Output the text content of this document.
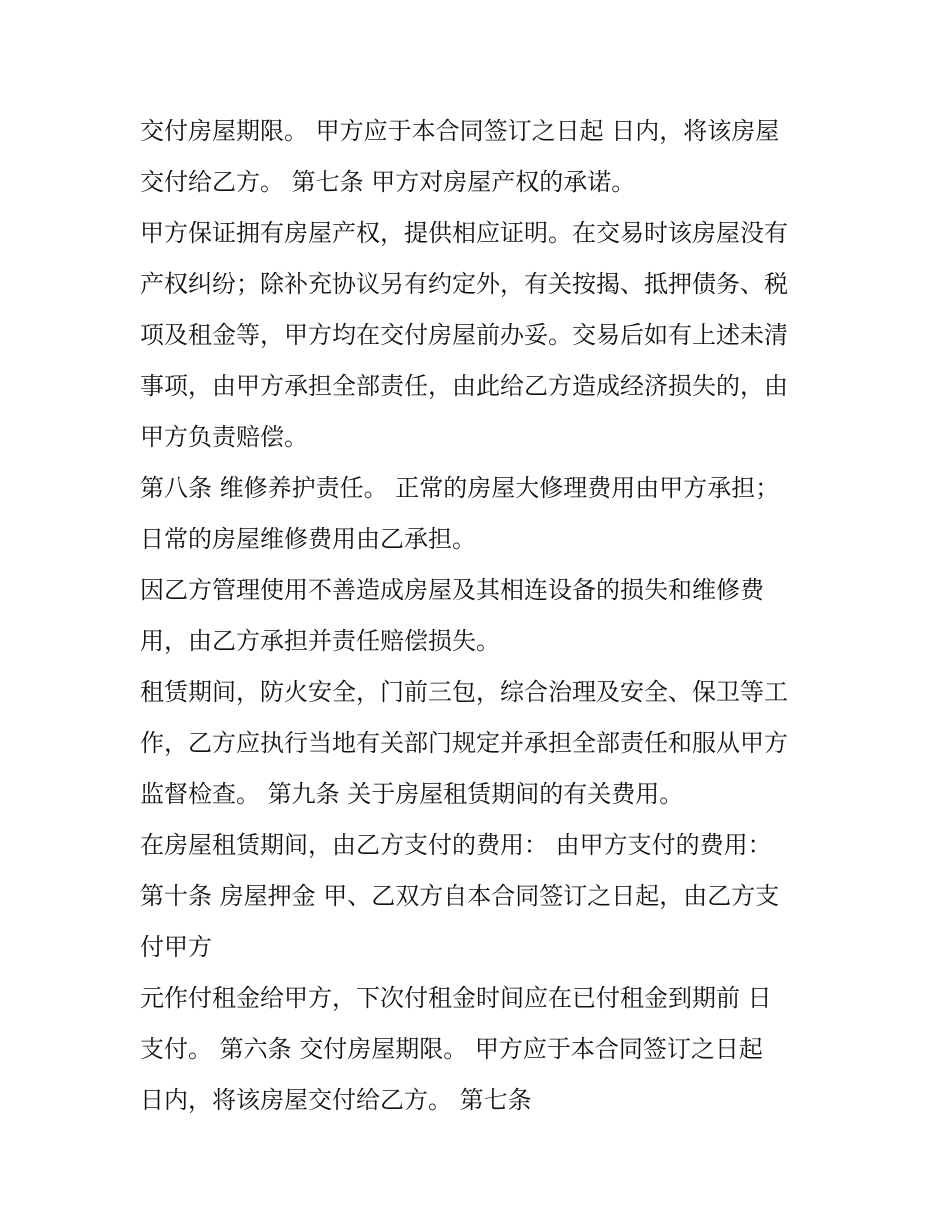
交付房屋期限。 甲方应于本合同签订之日起 日内，将该房屋
交付给乙方。 第七条 甲方对房屋产权的承诺。
甲方保证拥有房屋产权，提供相应证明。在交易时该房屋没有
产权纠纷；除补充协议另有约定外，有关按揭、抵押债务、税
项及租金等，甲方均在交付房屋前办妥。交易后如有上述未清
事项，由甲方承担全部责任，由此给乙方造成经济损失的，由
甲方负责赔偿。
第八条 维修养护责任。 正常的房屋大修理费用由甲方承担；
日常的房屋维修费用由乙承担。
因乙方管理使用不善造成房屋及其相连设备的损失和维修费
用，由乙方承担并责任赔偿损失。
租赁期间，防火安全，门前三包，综合治理及安全、保卫等工
作，乙方应执行当地有关部门规定并承担全部责任和服从甲方
监督检查。 第九条 关于房屋租赁期间的有关费用。
在房屋租赁期间，由乙方支付的费用： 由甲方支付的费用：
第十条 房屋押金 甲、乙双方自本合同签订之日起，由乙方支
付甲方
元作付租金给甲方，下次付租金时间应在已付租金到期前 日
支付。 第六条 交付房屋期限。 甲方应于本合同签订之日起
日内，将该房屋交付给乙方。 第七条
